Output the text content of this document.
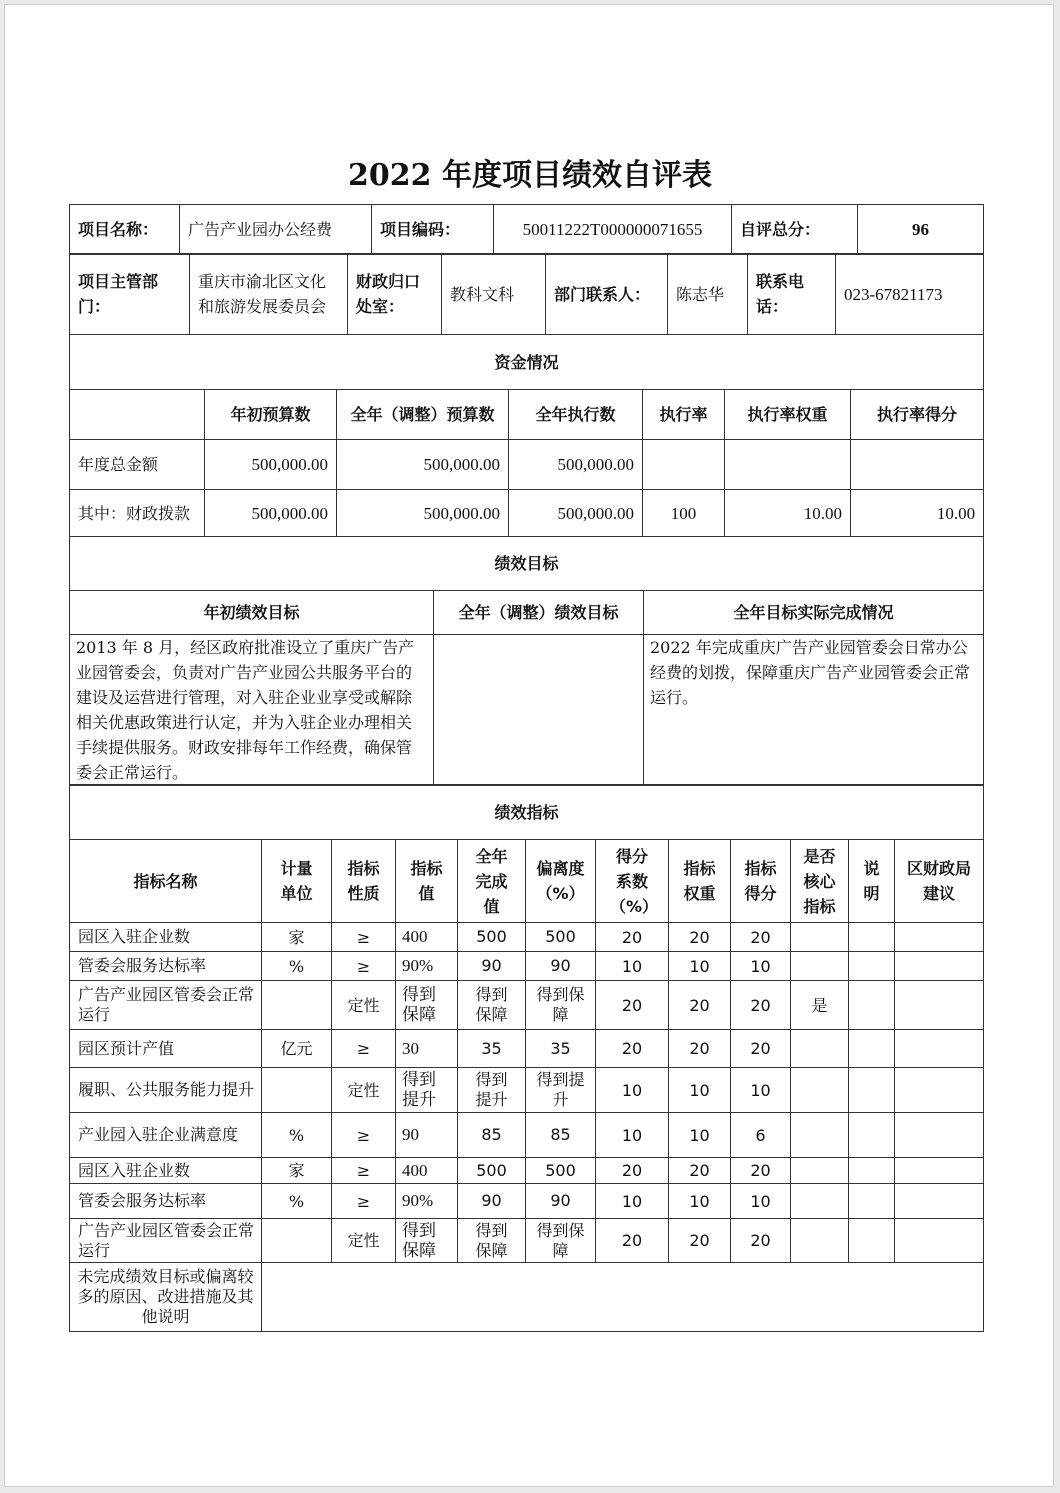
2022 年度项目绩效自评表
项目名称：	广告产业园办公经费	项目编码：	50011222T000000071655	自评总分：	96
项目主管部门：	重庆市渝北区文化和旅游发展委员会	财政归口处室：	教科文科	部门联系人：	陈志华	联系电话：	023-67821173
资金情况						
	年初预算数	全年（调整）预算数	全年执行数	执行率	执行率权重	执行率得分
年度总金额	500,000.00	500,000.00	500,000.00			
其中：财政拨款	500,000.00	500,000.00	500,000.00	100	10.00	10.00
绩效目标		
年初绩效目标	全年（调整）绩效目标	全年目标实际完成情况
2013 年 8 月，经区政府批准设立了重庆广告产业园管委会，负责对广告产业园公共服务平台的建设及运营进行管理，对入驻企业业享受或解除相关优惠政策进行认定，并为入驻企业办理相关手续提供服务。财政安排每年工作经费，确保管委会正常运行。		2022 年完成重庆广告产业园管委会日常办公经费的划拨，保障重庆广告产业园管委会正常运行。
绩效指标											
指标名称	计量单位	指标性质	指标值	全年完成值	偏离度（%）	得分系数（%）	指标权重	指标得分	是否核心指标	说明	区财政局建议
园区入驻企业数	家	≥	400	500	500	20	20	20			
管委会服务达标率	%	≥	90%	90	90	10	10	10			
广告产业园区管委会正常运行		定性	得到保障	得到保障	得到保障	20	20	20	是		
园区预计产值	亿元	≥	30	35	35	20	20	20			
履职、公共服务能力提升		定性	得到提升	得到提升	得到提升	10	10	10			
产业园入驻企业满意度	%	≥	90	85	85	10	10	6			
园区入驻企业数	家	≥	400	500	500	20	20	20			
管委会服务达标率	%	≥	90%	90	90	10	10	10			
广告产业园区管委会正常运行		定性	得到保障	得到保障	得到保障	20	20	20			
未完成绩效目标或偏离较多的原因、改进措施及其他说明											
